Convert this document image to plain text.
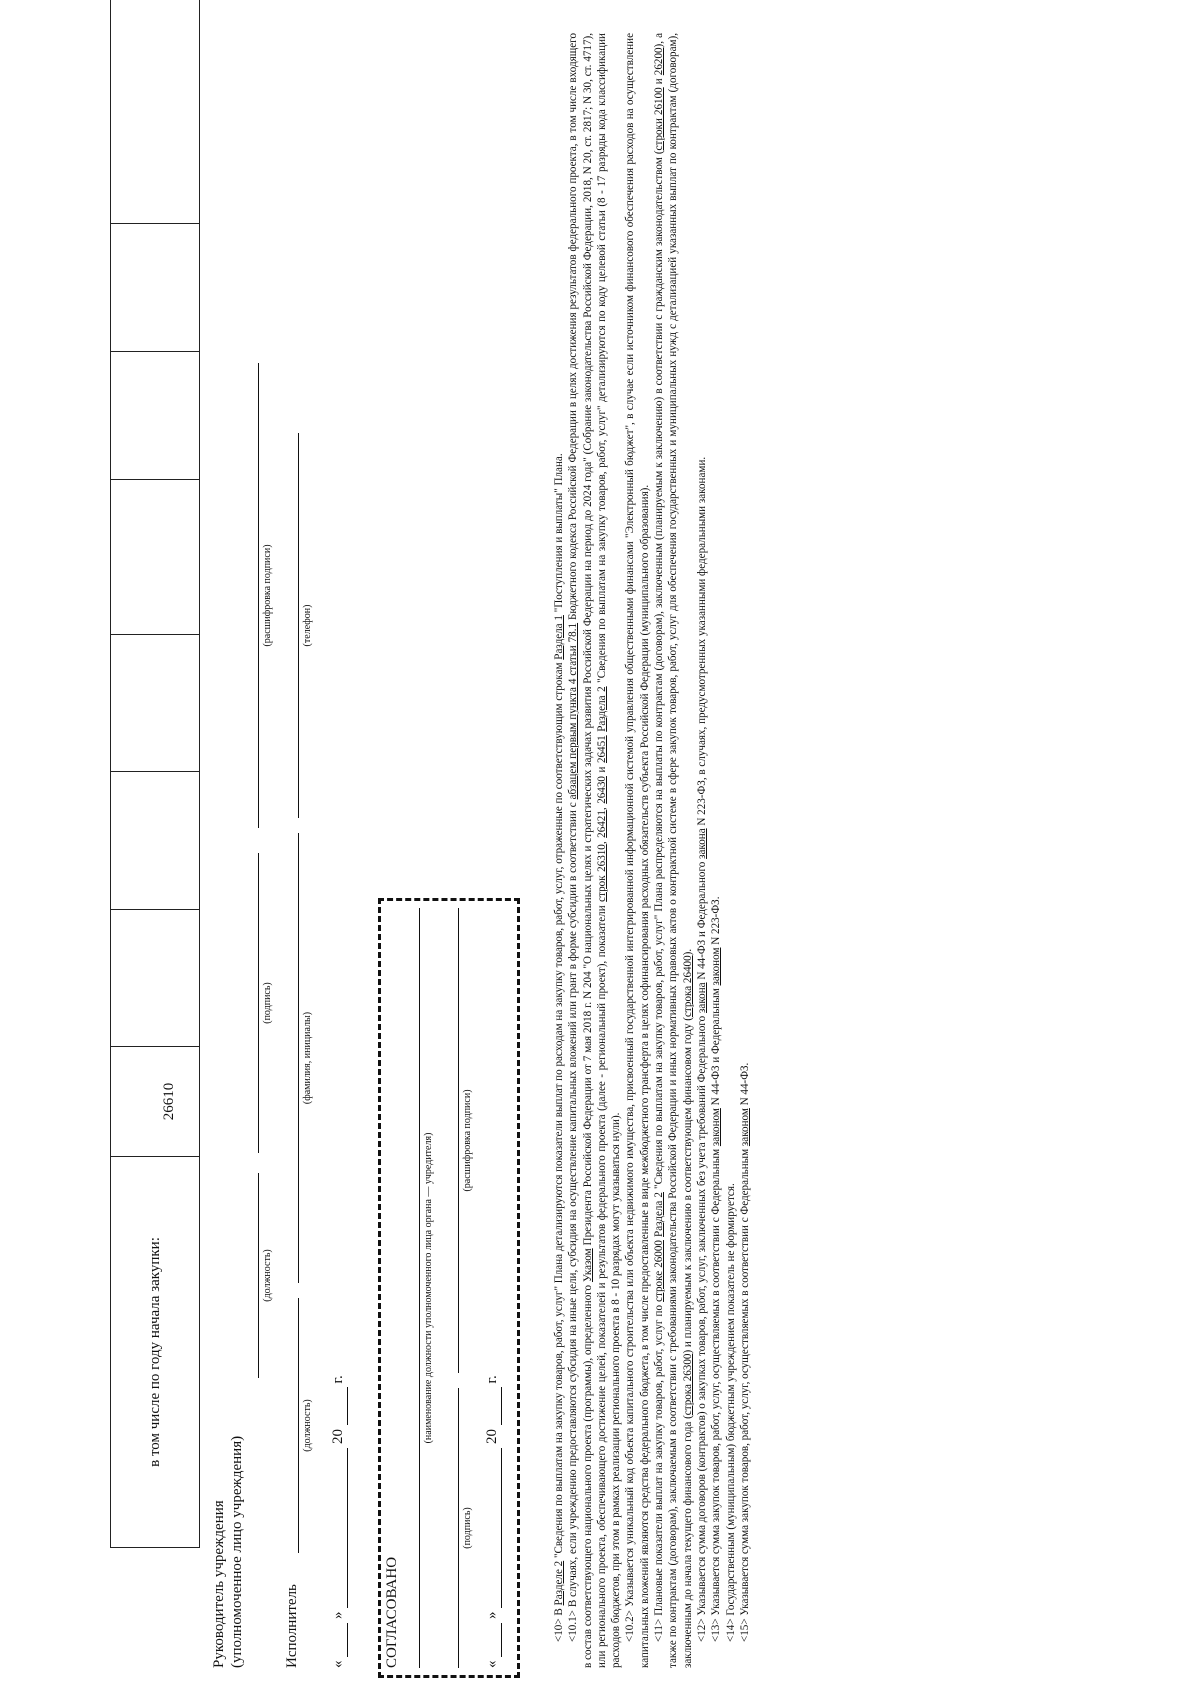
в том числе по году начала закупки:
26610
Руководитель учреждения (уполномоченное лицо учреждения)
(должность)
(подпись)
(расшифровка подписи)
Исполнитель
(должность)
(фамилия, инициалы)
(телефон)
«   »   20   г.
СОГЛАСОВАНО
(наименование должности уполномоченного лица органа — учредителя)
(подпись)
(расшифровка подписи)
«   »   20   г.

<10> В Разделе 2 "Сведения по выплатам на закупку товаров, работ, услуг" Плана детализируются показатели выплат по расходам на закупку товаров, работ, услуг, отраженные по соответствующим строкам Раздела 1 "Поступления и выплаты" Плана.

<10.1> В случаях, если учреждению предоставляются субсидия на иные цели, субсидия на осуществление капитальных вложений или грант в форме субсидии в соответствии с абзацем первым пункта 4 статьи 78.1 Бюджетного кодекса Российской Федерации в целях достижения результатов федерального проекта, в том числе входящего в состав соответствующего национального проекта (программы), определенного Указом Президента Российской Федерации от 7 мая 2018 г. N 204 "О национальных целях и стратегических задачах развития Российской Федерации на период до 2024 года" (Собрание законодательства Российской Федерации, 2018, N 20, ст. 2817; N 30, ст. 4717), или регионального проекта, обеспечивающего достижение целей, показателей и результатов федерального проекта (далее - региональный проект), показатели строк 26310, 26421, 26430 и 26451 Раздела 2 "Сведения по выплатам на закупку товаров, работ, услуг" детализируются по коду целевой статьи (8 - 17 разряды кода классификации расходов бюджетов, при этом в рамках реализации регионального проекта в 8 - 10 разрядах могут указываться нули). <10.2> Указывается уникальный код объекта капитального строительства или объекта недвижимого имущества, присвоенный государственной интегрированной информационной системой управления общественными финансами "Электронный бюджет", в случае если источником финансового обеспечения расходов на осуществление капитальных вложений являются средства федерального бюджета, в том числе предоставленные в виде межбюджетного трансферта в целях софинансирования расходных обязательств субъекта Российской Федерации (муниципального образования). <11> Плановые показатели выплат на закупку товаров, работ, услуг по строке 26000 Раздела 2 "Сведения по выплатам на закупку товаров, работ, услуг" Плана распределяются на выплаты по контрактам (договорам), заключенным (планируемым к заключению) в соответствии с гражданским законодательством (строки 26100 и 26200), а также по контрактам (договорам), заключаемым в соответствии с требованиями законодательства Российской Федерации и иных нормативных правовых актов о контрактной системе в сфере закупок товаров, работ, услуг для обеспечения государственных и муниципальных нужд с детализацией указанных выплат по контрактам (договорам), заключенным до начала текущего финансового года (строка 26300) и планируемым к заключению в соответствующем финансовом году (строка 26400).

<12> Указывается сумма договоров (контрактов) о закупках товаров, работ, услуг, заключенных без учета требований Федерального закона N 44-ФЗ и Федерального закона N 223-ФЗ, в случаях, предусмотренных указанными федеральными законами.

<13> Указывается сумма закупок товаров, работ, услуг, осуществляемых в соответствии с Федеральным законом N 44-ФЗ и Федеральным законом N 223-ФЗ.

<14> Государственным (муниципальным) бюджетным учреждением показатель не формируется. <15> Указывается сумма закупок товаров, работ, услуг, осуществляемых в соответствии с Федеральным законом N 44-ФЗ.
